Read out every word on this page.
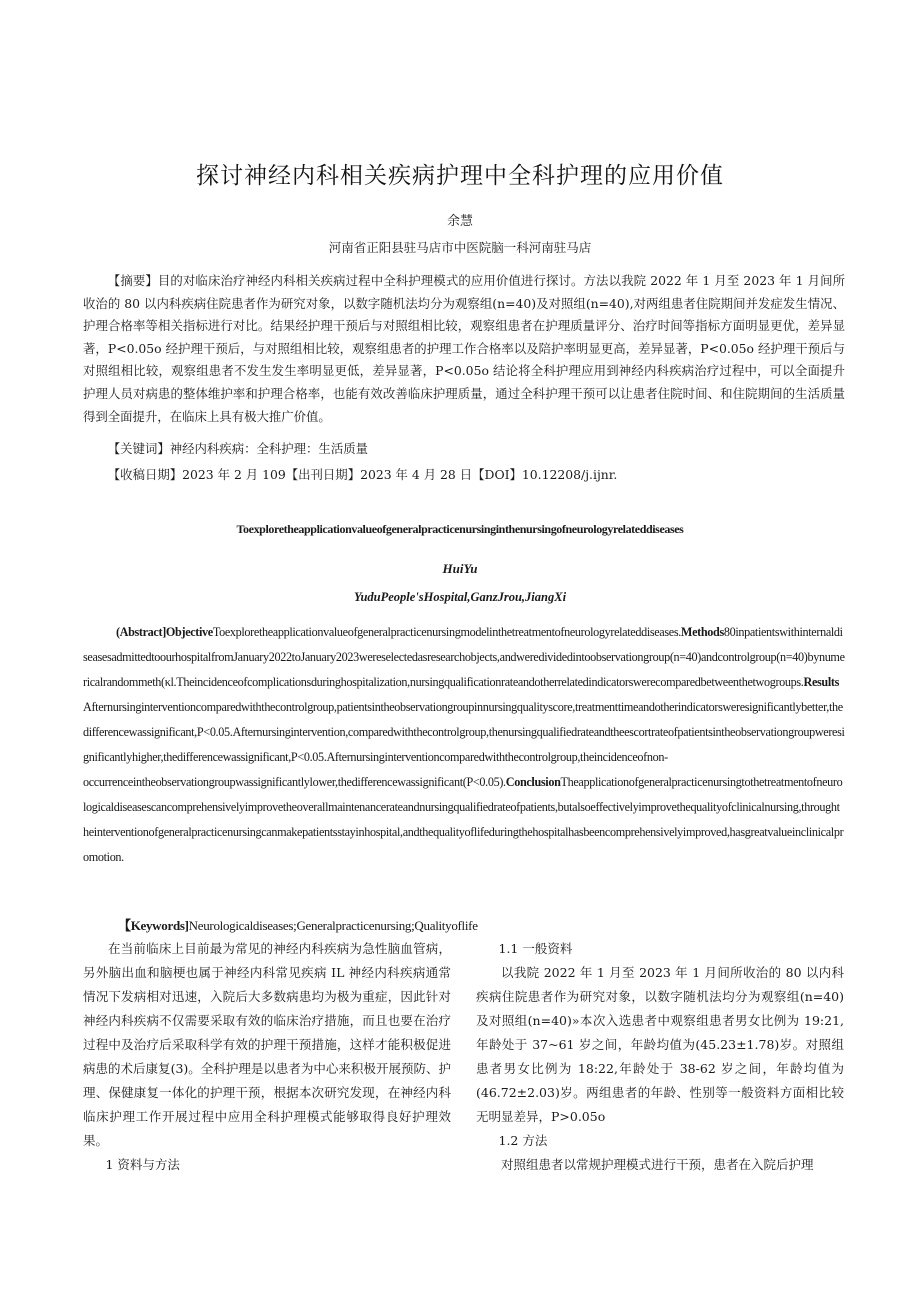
探讨神经内科相关疾病护理中全科护理的应用价值
余慧
河南省正阳县驻马店市中医院脑一科河南驻马店

【摘要】目的对临床治疗神经内科相关疾病过程中全科护理模式的应用价值进行探讨。方法以我院 2022 年 1 月至 2023 年 1 月间所收治的 80 以内科疾病住院患者作为研究对象，以数字随机法均分为观察组(n=40)及对照组(n=40),对两组患者住院期间并发症发生情况、护理合格率等相关指标进行对比。结果经护理干预后与对照组相比较，观察组患者在护理质量评分、治疗时间等指标方面明显更优，差异显著，P<0.05o 经护理干预后，与对照组相比较，观察组患者的护理工作合格率以及陪护率明显更高，差异显著，P<0.05o 经护理干预后与对照组相比较，观察组患者不发生发生率明显更低，差异显著，P<0.05o 结论将全科护理应用到神经内科疾病治疗过程中，可以全面提升护理人员对病患的整体维护率和护理合格率，也能有效改善临床护理质量，通过全科护理干预可以让患者住院时间、和住院期间的生活质量得到全面提升，在临床上具有极大推广价值。

【关键词】神经内科疾病：全科护理：生活质量
【收稿日期】2023 年 2 月 109【出刊日期】2023 年 4 月 28 日【DOI】10.12208/j.ijnr.
Toexploretheapplicationvalueofgeneralpracticenursinginthenursingofneurologyrelateddiseases
HuiYu
YuduPeople'sHospital,GanzJrou,JiangXi

(Abstract]ObjectiveToexploretheapplicationvalueofgeneralpracticenursingmodelinthetreatmentofneurologyrelateddiseases.Methods80inpatientswithinternaldiseasesadmittedtoourhospitalfromJanuary2022toJanuary2023wereselectedasresearchobjects,andweredividedintoobservationgroup(n=40)andcontrolgroup(n=40)bynumericalrandommeth(κl.Theincidenceofcomplicationsduringhospitalization,nursingqualificationrateandotherrelatedindicatorswerecomparedbetweenthetwogroups.ResultsAfternursinginterventioncomparedwiththecontrolgroup,patientsintheobservationgroupinnursingqualityscore,treatmenttimeandotherindicatorsweresignificantlybetter,thedifferencewassignificant,P<0.05.Afternursingintervention,comparedwiththecontrolgroup,thenursingqualifiedrateandtheescortrateofpatientsintheobservationgroupweresignificantlyhigher,thedifferencewassignificant,P<0.05.Afternursinginterventioncomparedwiththecontrolgroup,theincidenceofnon-

occurrenceintheobservationgroupwassignificantlylower,thedifferencewassignificant(P<0.05).ConclusionTheapplicationofgeneralpracticenursingtothetreatmentofneurologicaldiseasescancomprehensivelyimprovetheoverallmaintenancerateandnursingqualifiedrateofpatients,butalsoeffectivelyimprovethequalityofclinicalnursing,throughtheinterventionofgeneralpracticenursingcanmakepatientsstayinhospital,andthequalityoflifeduringthehospitalhasbeencomprehensivelyimproved,hasgreatvalueinclinicalpromotion.
【Keywords]Neurologicaldiseases;Generalpracticenursing;Qualityoflife

在当前临床上目前最为常见的神经内科疾病为急性脑血管病，另外脑出血和脑梗也属于神经内科常见疾病 IL 神经内科疾病通常情况下发病相对迅速，入院后大多数病患均为极为重症，因此针对神经内科疾病不仅需要采取有效的临床治疗措施，而且也要在治疗过程中及治疗后采取科学有效的护理干预措施，这样才能积极促进病患的术后康复(3)。全科护理是以患者为中心来积极开展预防、护理、保健康复一体化的护理干预，根据本次研究发现，在神经内科临床护理工作开展过程中应用全科护理模式能够取得良好护理效果。

1 资料与方法

1.1 一般资料

以我院 2022 年 1 月至 2023 年 1 月间所收治的 80 以内科疾病住院患者作为研究对象，以数字随机法均分为观察组(n=40)及对照组(n=40)»本次入选患者中观察组患者男女比例为 19:21,年龄处于 37~61 岁之间，年龄均值为(45.23±1.78)岁。对照组患者男女比例为 18:22,年龄处于 38-62 岁之间，年龄均值为(46.72±2.03)岁。两组患者的年龄、性别等一般资料方面相比较无明显差异，P>0.05o

1.2 方法

对照组患者以常规护理模式进行干预，患者在入院后护理
